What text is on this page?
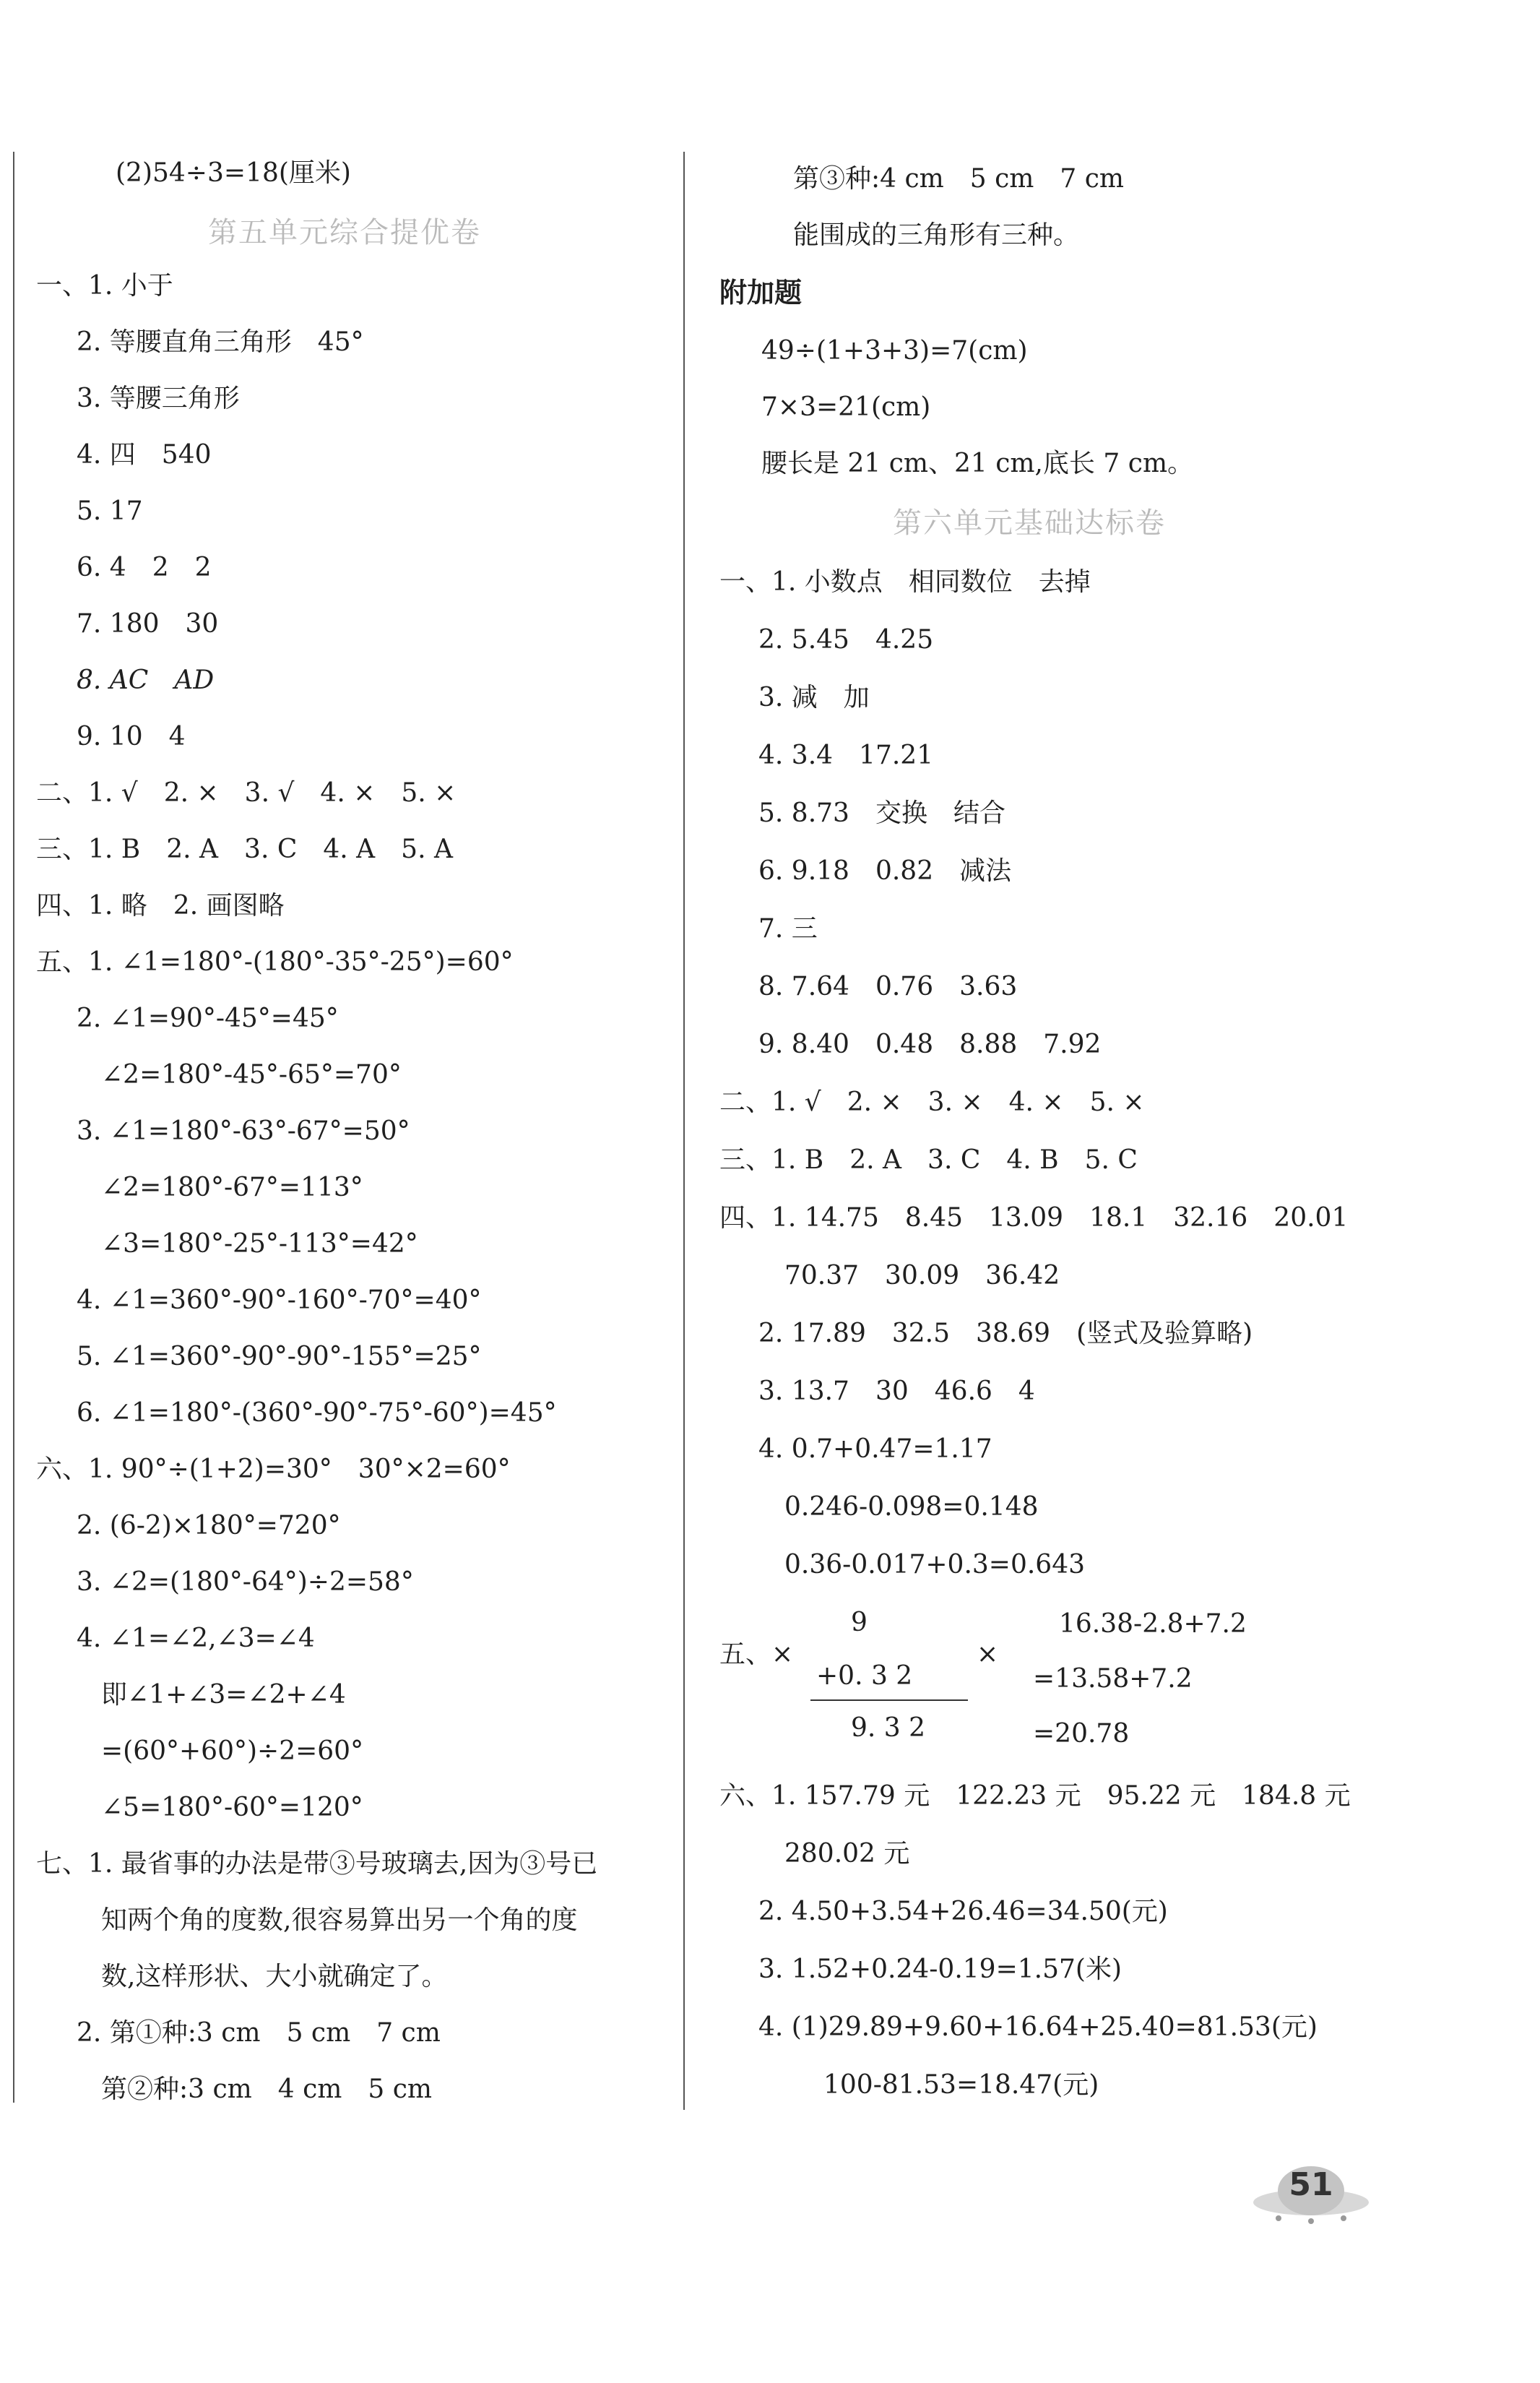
(2)54÷3=18(厘米)
第五单元综合提优卷
一、1. 小于
2. 等腰直角三角形　45°
3. 等腰三角形
4. 四　540
5. 17
6. 4　2　2
7. 180　30
8. AC　AD
9. 10　4
二、1. √　2. ×　3. √　4. ×　5. ×
三、1. B　2. A　3. C　4. A　5. A
四、1. 略　2. 画图略
五、1. ∠1=180°-(180°-35°-25°)=60°
2. ∠1=90°-45°=45°
∠2=180°-45°-65°=70°
3. ∠1=180°-63°-67°=50°
∠2=180°-67°=113°
∠3=180°-25°-113°=42°
4. ∠1=360°-90°-160°-70°=40°
5. ∠1=360°-90°-90°-155°=25°
6. ∠1=180°-(360°-90°-75°-60°)=45°
六、1. 90°÷(1+2)=30°　30°×2=60°
2. (6-2)×180°=720°
3. ∠2=(180°-64°)÷2=58°
4. ∠1=∠2,∠3=∠4
即∠1+∠3=∠2+∠4
=(60°+60°)÷2=60°
∠5=180°-60°=120°
七、1. 最省事的办法是带③号玻璃去,因为③号已
知两个角的度数,很容易算出另一个角的度
数,这样形状、大小就确定了。
2. 第①种:3 cm　5 cm　7 cm
第②种:3 cm　4 cm　5 cm
第③种:4 cm　5 cm　7 cm
能围成的三角形有三种。
附加题
49÷(1+3+3)=7(cm)
7×3=21(cm)
腰长是 21 cm、21 cm,底长 7 cm。
第六单元基础达标卷
一、1. 小数点　相同数位　去掉
2. 5.45　4.25
3. 减　加
4. 3.4　17.21
5. 8.73　交换　结合
6. 9.18　0.82　减法
7. 三
8. 7.64　0.76　3.63
9. 8.40　0.48　8.88　7.92
二、1. √　2. ×　3. ×　4. ×　5. ×
三、1. B　2. A　3. C　4. B　5. C
四、1. 14.75　8.45　13.09　18.1　32.16　20.01
70.37　30.09　36.42
2. 17.89　32.5　38.69　(竖式及验算略)
3. 13.7　30　46.6　4
4. 0.7+0.47=1.17
0.246-0.098=0.148
0.36-0.017+0.3=0.643
五、×
9
+0. 3 2
9. 3 2
×
16.38-2.8+7.2
=13.58+7.2
=20.78
六、1. 157.79 元　122.23 元　95.22 元　184.8 元
280.02 元
2. 4.50+3.54+26.46=34.50(元)
3. 1.52+0.24-0.19=1.57(米)
4. (1)29.89+9.60+16.64+25.40=81.53(元)
100-81.53=18.47(元)
51
